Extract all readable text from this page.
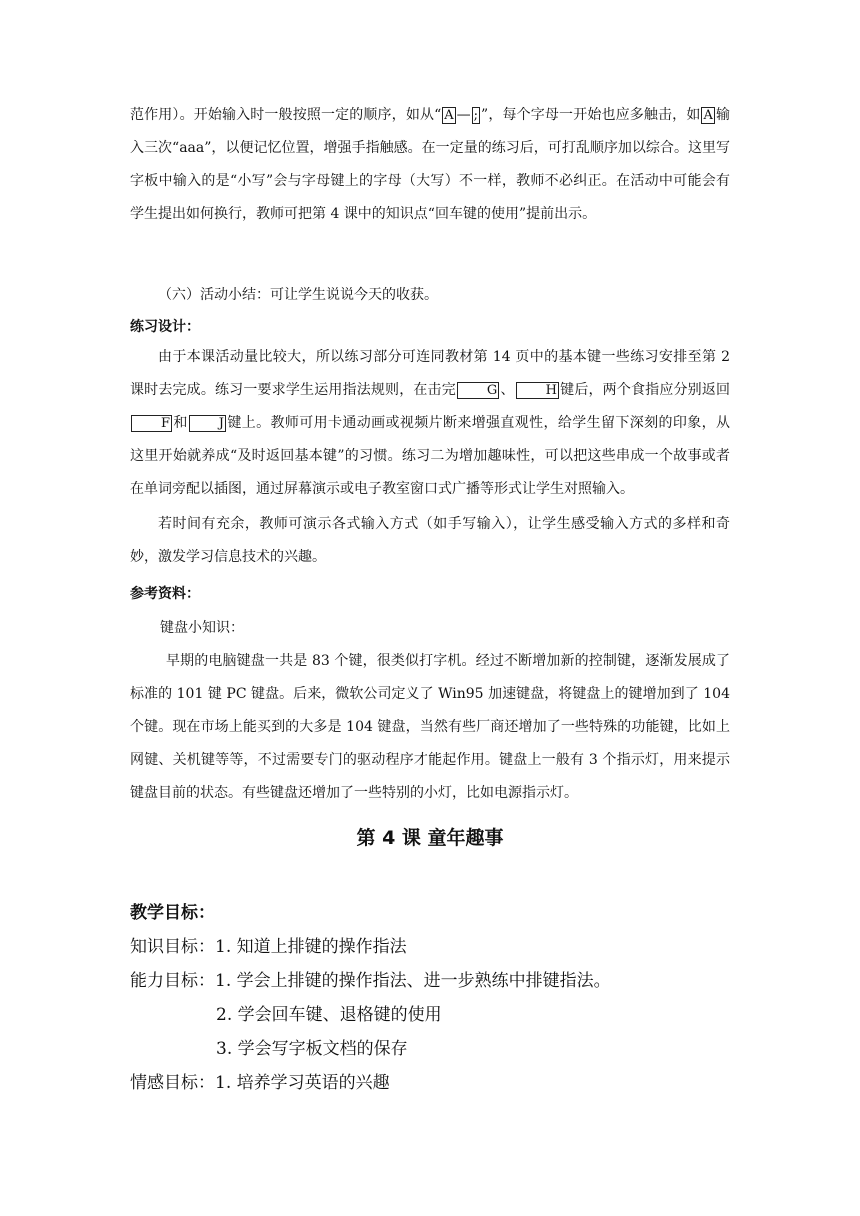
范作用）。开始输入时一般按照一定的顺序，如从“ A — ; ”，每个字母一开始也应多触击，如 A 输入三次“aaa”，以便记忆位置，增强手指触感。在一定量的练习后，可打乱顺序加以综合。这里写字板中输入的是“小写”会与字母键上的字母（大写）不一样，教师不必纠正。在活动中可能会有学生提出如何换行，教师可把第 4 课中的知识点“回车键的使用”提前出示。

（六）活动小结：可让学生说说今天的收获。
练习设计：

由于本课活动量比较大，所以练习部分可连同教材第 14 页中的基本键一些练习安排至第 2 课时去完成。练习一要求学生运用指法规则，在击完 G 、 H 键后，两个食指应分别返回F 和 J 键上。教师可用卡通动画或视频片断来增强直观性，给学生留下深刻的印象，从这里开始就养成“及时返回基本键”的习惯。练习二为增加趣味性，可以把这些串成一个故事或者在单词旁配以插图，通过屏幕演示或电子教室窗口式广播等形式让学生对照输入。

若时间有充余，教师可演示各式输入方式（如手写输入），让学生感受输入方式的多样和奇妙，激发学习信息技术的兴趣。

参考资料：
键盘小知识：

早期的电脑键盘一共是 83 个键，很类似打字机。经过不断增加新的控制键，逐渐发展成了标准的 101 键 PC 键盘。后来，微软公司定义了 Win95 加速键盘，将键盘上的键增加到了 104 个键。现在市场上能买到的大多是 104 键盘，当然有些厂商还增加了一些特殊的功能键，比如上网键、关机键等等，不过需要专门的驱动程序才能起作用。键盘上一般有 3 个指示灯，用来提示键盘目前的状态。有些键盘还增加了一些特别的小灯，比如电源指示灯。

第 4 课 童年趣事
教学目标：
知识目标：1. 知道上排键的操作指法
能力目标：1. 学会上排键的操作指法、进一步熟练中排键指法。
2. 学会回车键、退格键的使用
3. 学会写字板文档的保存
情感目标：1. 培养学习英语的兴趣
